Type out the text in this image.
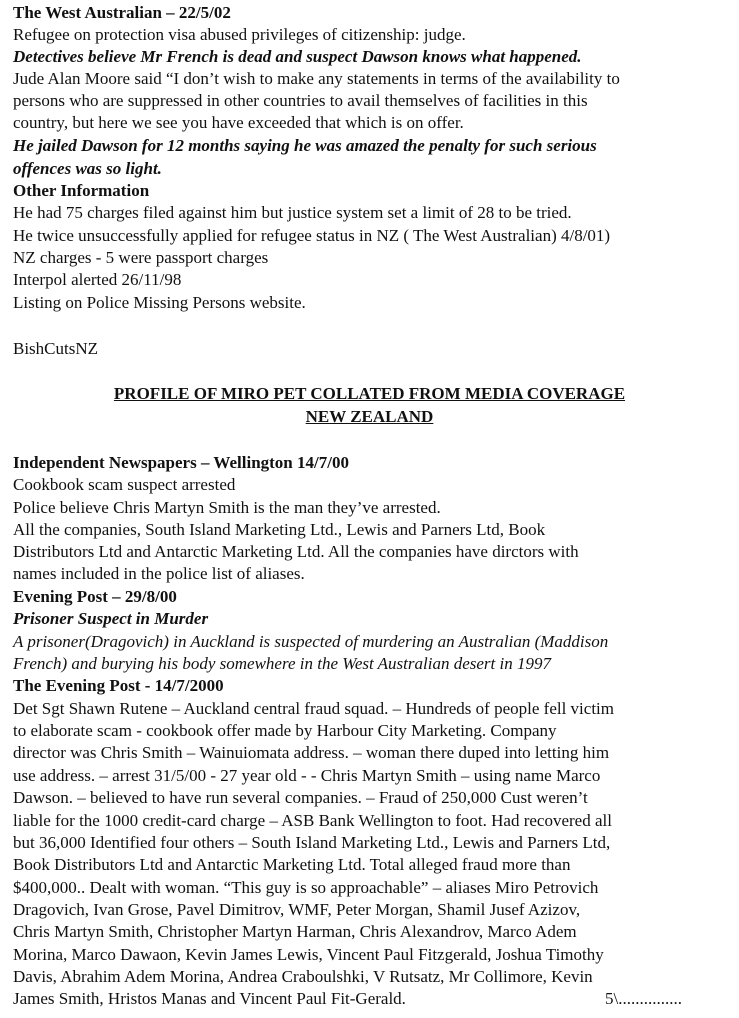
The West Australian – 22/5/02
Refugee on protection visa abused privileges of citizenship: judge.
Detectives believe Mr French is dead and suspect Dawson knows what happened.
Jude Alan Moore said “I don’t wish to make any statements in terms of the availability to
persons who are suppressed in other countries to avail themselves of facilities in this
country, but here we see you have exceeded that which is on offer.
He jailed Dawson for 12 months saying he was amazed the penalty for such serious
offences was so light.
Other Information
He had 75 charges filed against him but justice system set a limit of 28 to be tried.
He twice unsuccessfully applied for refugee status in NZ ( The West Australian) 4/8/01)
NZ charges - 5 were passport charges
Interpol alerted 26/11/98
Listing on Police Missing Persons website.
BishCutsNZ
PROFILE OF MIRO PET COLLATED FROM MEDIA COVERAGE
NEW ZEALAND
Independent Newspapers – Wellington 14/7/00
Cookbook scam suspect arrested
Police believe Chris Martyn Smith is the man they’ve arrested.
All the companies, South Island Marketing Ltd., Lewis and Parners Ltd, Book
Distributors Ltd and Antarctic Marketing Ltd. All the companies have dirctors with
names included in the police list of aliases.
Evening Post – 29/8/00
Prisoner Suspect in Murder
A prisoner(Dragovich) in Auckland is suspected of murdering an Australian (Maddison
French) and burying his body somewhere in the West Australian desert in 1997
The Evening Post - 14/7/2000
Det Sgt Shawn Rutene – Auckland central fraud squad. – Hundreds of people fell victim
to elaborate scam - cookbook offer made by Harbour City Marketing. Company
director was Chris Smith – Wainuiomata address. – woman there duped into letting him
use address. – arrest 31/5/00 - 27 year old - - Chris Martyn Smith – using name Marco
Dawson. – believed to have run several companies. – Fraud of 250,000 Cust weren’t
liable for the 1000 credit-card charge – ASB Bank Wellington to foot. Had recovered all
but 36,000 Identified four others – South Island Marketing Ltd., Lewis and Parners Ltd,
Book Distributors Ltd and Antarctic Marketing Ltd. Total alleged fraud more than
$400,000.. Dealt with woman. “This guy is so approachable” – aliases Miro Petrovich
Dragovich, Ivan Grose, Pavel Dimitrov, WMF, Peter Morgan, Shamil Jusef Azizov,
Chris Martyn Smith, Christopher Martyn Harman, Chris Alexandrov, Marco Adem
Morina, Marco Dawaon, Kevin James Lewis, Vincent Paul Fitzgerald, Joshua Timothy
Davis, Abrahim Adem Morina, Andrea Craboulshki, V Rutsatz, Mr Collimore, Kevin
James Smith, Hristos Manas and Vincent Paul Fit-Gerald.	5\...............
